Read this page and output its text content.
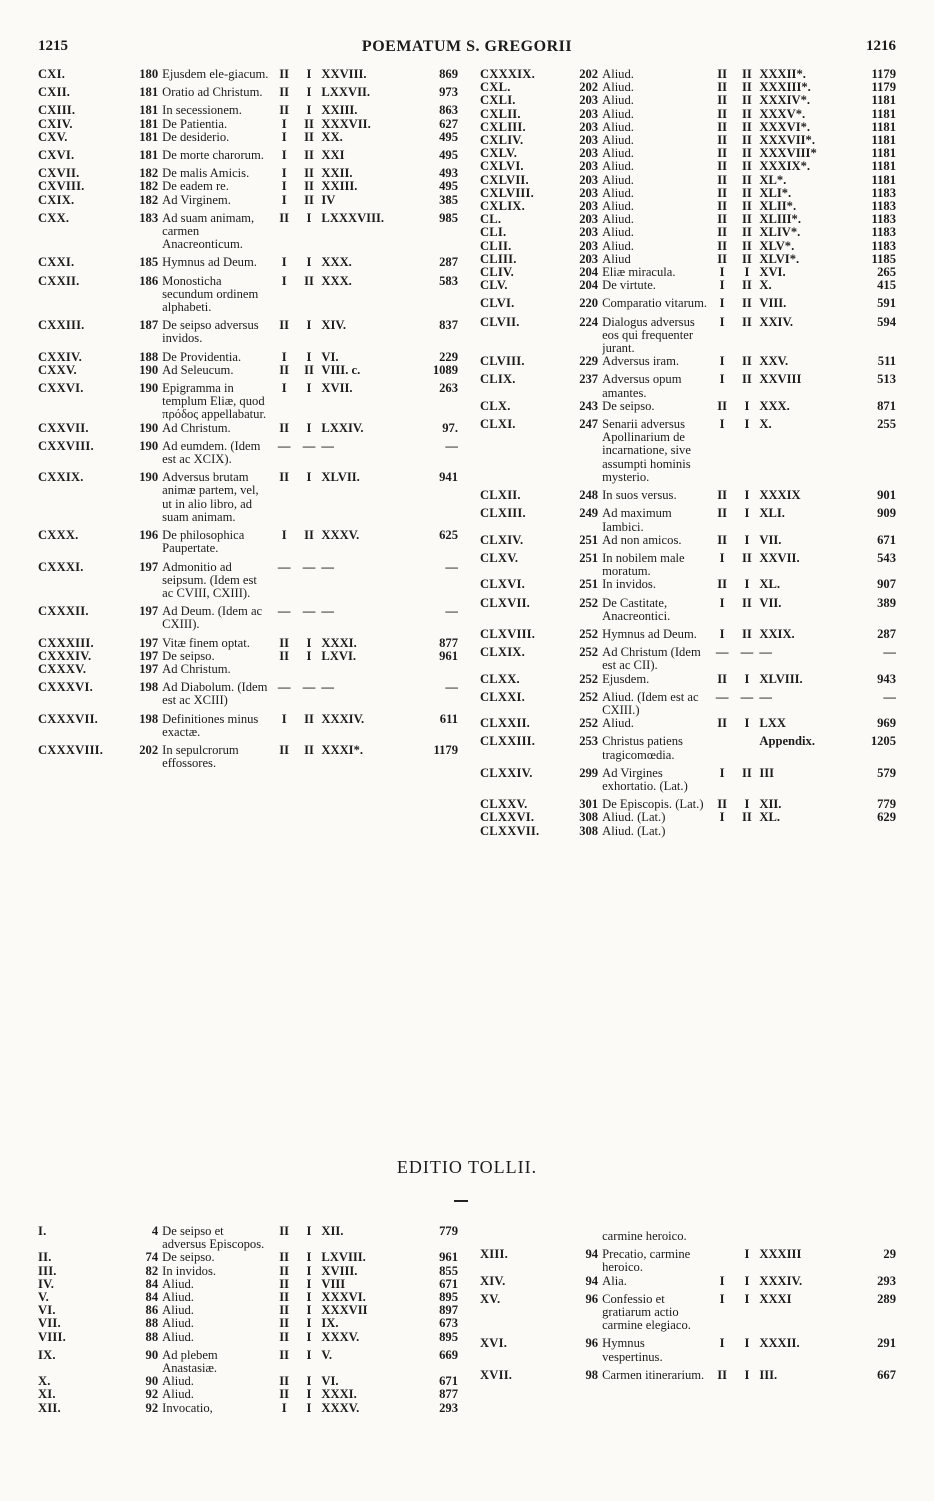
1215	POEMATUM S. GREGORII	1216
CXI.	180	Ejusdem ele-giacum.	II	I	XXVIII.	869
CXII.	181	Oratio ad Christum.	II	I	LXXVII.	973
CXIII.	181	In secessionem.	II	I	XXIII.	863
CXIV.	181	De Patientia.	I	II	XXXVII.	627
CXV.	181	De desiderio.	I	II	XX.	495
CXVI.	181	De morte charorum.	I	II	XXI	495
CXVII.	182	De malis Amicis.	I	II	XXII.	493
CXVIII.	182	De eadem re.	I	II	XXIII.	495
CXIX.	182	Ad Virginem.	I	II	IV	385
CXX.	183	Ad suam animam, carmen Anacreonticum.	II	I	LXXXVIII.	985
CXXI.	185	Hymnus ad Deum.	I	I	XXX.	287
CXXII.	186	Monosticha secundum ordinem alphabeti.	I	II	XXX.	583
CXXIII.	187	De seipso adversus invidos.	II	I	XIV.	837
CXXIV.	188	De Providentia.	I	I	VI.	229
CXXV.	190	Ad Seleucum.	II	II	VIII. c.	1089
CXXVI.	190	Epigramma in templum Eliæ, quod πρόδος appellabatur.	I	I	XVII.	263
CXXVII.	190	Ad Christum.	II	I	LXXIV.	97.
CXXVIII.	190	Ad eumdem. (Idem est ac XCIX).	—	—	—	—
CXXIX.	190	Adversus brutam animæ partem, vel, ut in alio libro, ad suam animam.	II	I	XLVII.	941
CXXX.	196	De philosophica Paupertate.	I	II	XXXV.	625
CXXXI.	197	Admonitio ad seipsum. (Idem est ac CVIII, CXIII).	—	—	—	—
CXXXII.	197	Ad Deum. (Idem ac CXIII).	—	—	—	—
CXXXIII.	197	Vitæ finem optat.	II	I	XXXI.	877
CXXXIV.	197	De seipso.	II	I	LXVI.	961
CXXXV.	197	Ad Christum.				
CXXXVI.	198	Ad Diabolum. (Idem est ac XCIII)	—	—	—	—
CXXXVII.	198	Definitiones minus exactæ.	I	II	XXXIV.	611
CXXXVIII.	202	In sepulcrorum effossores.	II	II	XXXI*.	1179
CXXXIX.	202	Aliud.	II	II	XXXII*.	1179
CXL.	202	Aliud.	II	II	XXXIII*.	1179
CXLI.	203	Aliud.	II	II	XXXIV*.	1181
CXLII.	203	Aliud.	II	II	XXXV*.	1181
CXLIII.	203	Aliud.	II	II	XXXVI*.	1181
CXLIV.	203	Aliud.	II	II	XXXVII*.	1181
CXLV.	203	Aliud.	II	II	XXXVIII*	1181
CXLVI.	203	Aliud.	II	II	XXXIX*.	1181
CXLVII.	203	Aliud.	II	II	XL*.	1181
CXLVIII.	203	Aliud.	II	II	XLI*.	1183
CXLIX.	203	Aliud.	II	II	XLII*.	1183
CL.	203	Aliud.	II	II	XLIII*.	1183
CLI.	203	Aliud.	II	II	XLIV*.	1183
CLII.	203	Aliud.	II	II	XLV*.	1183
CLIII.	203	Aliud	II	II	XLVI*.	1185
CLIV.	204	Eliæ miracula.	I	I	XVI.	265
CLV.	204	De virtute.	I	II	X.	415
CLVI.	220	Comparatio vitarum.	I	II	VIII.	591
CLVII.	224	Dialogus adversus eos qui frequenter jurant.	I	II	XXIV.	594
CLVIII.	229	Adversus iram.	I	II	XXV.	511
CLIX.	237	Adversus opum amantes.	I	II	XXVIII	513
CLX.	243	De seipso.	II	I	XXX.	871
CLXI.	247	Senarii adversus Apollinarium de incarnatione, sive assumpti hominis mysterio.	I	I	X.	255
CLXII.	248	In suos versus.	II	I	XXXIX	901
CLXIII.	249	Ad maximum Iambici.	II	I	XLI.	909
CLXIV.	251	Ad non amicos.	II	I	VII.	671
CLXV.	251	In nobilem male moratum.	I	II	XXVII.	543
CLXVI.	251	In invidos.	II	I	XL.	907
CLXVII.	252	De Castitate, Anacreontici.	I	II	VII.	389
CLXVIII.	252	Hymnus ad Deum.	I	II	XXIX.	287
CLXIX.	252	Ad Christum (Idem est ac CII).	—	—	—	—
CLXX.	252	Ejusdem.	II	I	XLVIII.	943
CLXXI.	252	Aliud. (Idem est ac CXIII.)	—	—	—	—
CLXXII.	252	Aliud.	II	I	LXX	969
CLXXIII.	253	Christus patiens tragicomœdia.			Appendix.	1205
CLXXIV.	299	Ad Virgines exhortatio. (Lat.)	I	II	III	579
CLXXV.	301	De Episcopis. (Lat.)	II	I	XII.	779
CLXXVI.	308	Aliud. (Lat.)	I	II	XL.	629
CLXXVII.	308	Aliud. (Lat.)				
EDITIO TOLLII.
I.	4	De seipso et adversus Episcopos.	II	I	XII.	779
II.	74	De seipso.	II	I	LXVIII.	961
III.	82	In invidos.	II	I	XVIII.	855
IV.	84	Aliud.	II	I	VIII	671
V.	84	Aliud.	II	I	XXXVI.	895
VI.	86	Aliud.	II	I	XXXVII	897
VII.	88	Aliud.	II	I	IX.	673
VIII.	88	Aliud.	II	I	XXXV.	895
IX.	90	Ad plebem Anastasiæ.	II	I	V.	669
X.	90	Aliud.	II	I	VI.	671
XI.	92	Aliud.	II	I	XXXI.	877
XII.	92	Invocatio,	I	I	XXXV.	293
		carmine heroico.				
XIII.	94	Precatio, carmine heroico.		I	XXXIII	29
XIV.	94	Alia.	I	I	XXXIV.	293
XV.	96	Confessio et gratiarum actio carmine elegiaco.	I	I	XXXI	289
XVI.	96	Hymnus vespertinus.	I	I	XXXII.	291
XVII.	98	Carmen itinerarium.	II	I	III.	667
